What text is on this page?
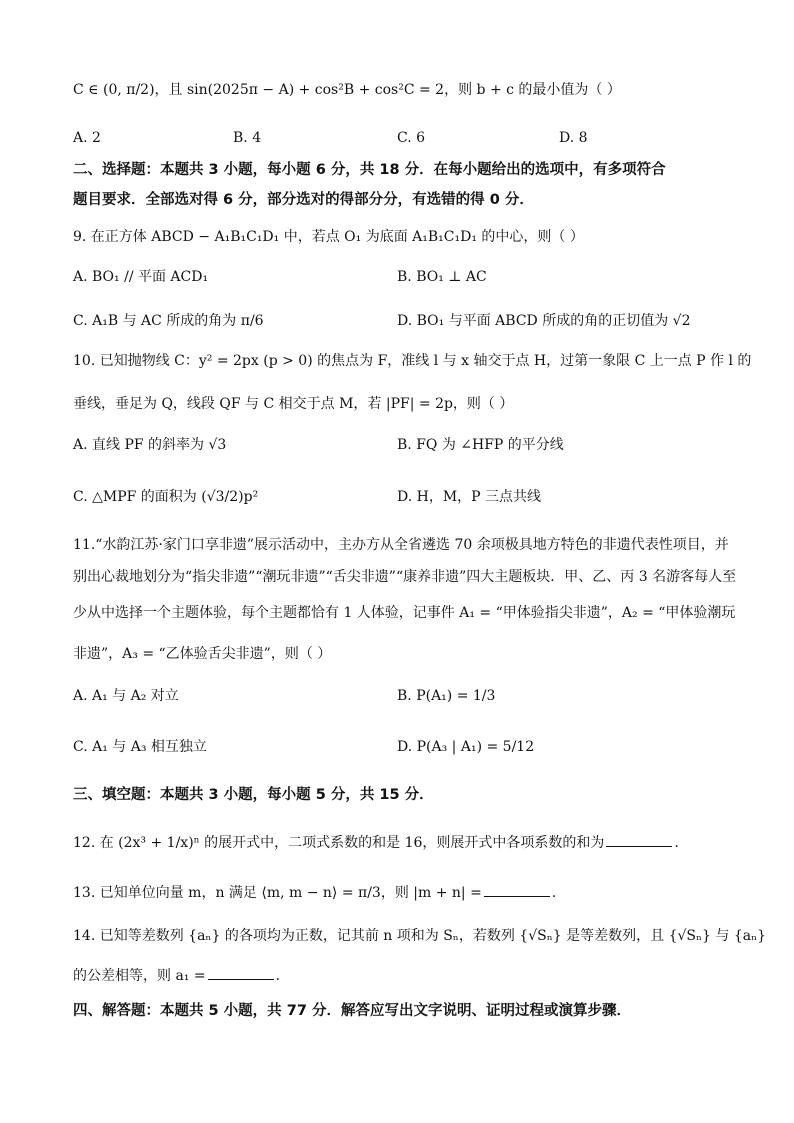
C ∈ (0, π/2)，且 sin(2025π − A) + cos²B + cos²C = 2，则 b + c 的最小值为（ ）
A. 2	B. 4	C. 6	D. 8
二、选择题：本题共 3 小题，每小题 6 分，共 18 分．在每小题给出的选项中，有多项符合
题目要求．全部选对得 6 分，部分选对的得部分分，有选错的得 0 分．
9. 在正方体 ABCD − A₁B₁C₁D₁ 中，若点 O₁ 为底面 A₁B₁C₁D₁ 的中心，则（ ）
A. BO₁ // 平面 ACD₁	B. BO₁ ⊥ AC
C. A₁B 与 AC 所成的角为 π/6	D. BO₁ 与平面 ABCD 所成的角的正切值为 √2
10. 已知抛物线 C：y² = 2px (p > 0) 的焦点为 F，准线 l 与 x 轴交于点 H，过第一象限 C 上一点 P 作 l 的
垂线，垂足为 Q，线段 QF 与 C 相交于点 M，若 |PF| = 2p，则（ ）
A. 直线 PF 的斜率为 √3	B. FQ 为 ∠HFP 的平分线
C. △MPF 的面积为 (√3/2)p²	D. H，M，P 三点共线
11.“水韵江苏·家门口享非遗”展示活动中，主办方从全省遴选 70 余项极具地方特色的非遗代表性项目，并
别出心裁地划分为“指尖非遗”“潮玩非遗”“舌尖非遗”“康养非遗”四大主题板块．甲、乙、丙 3 名游客每人至
少从中选择一个主题体验，每个主题都恰有 1 人体验，记事件 A₁ = “甲体验指尖非遗”，A₂ = “甲体验潮玩
非遗”，A₃ = “乙体验舌尖非遗”，则（ ）
A. A₁ 与 A₂ 对立	B. P(A₁) = 1/3
C. A₁ 与 A₃ 相互独立	D. P(A₃ | A₁) = 5/12
三、填空题：本题共 3 小题，每小题 5 分，共 15 分．
12. 在 (2x³ + 1/x)ⁿ 的展开式中，二项式系数的和是 16，则展开式中各项系数的和为	．
13. 已知单位向量 m，n 满足 ⟨m, m − n⟩ = π/3，则 |m + n| =	．
14. 已知等差数列 {aₙ} 的各项均为正数，记其前 n 项和为 Sₙ，若数列 {√Sₙ} 是等差数列，且 {√Sₙ} 与 {aₙ}
的公差相等，则 a₁ =	．
四、解答题：本题共 5 小题，共 77 分．解答应写出文字说明、证明过程或演算步骤．
